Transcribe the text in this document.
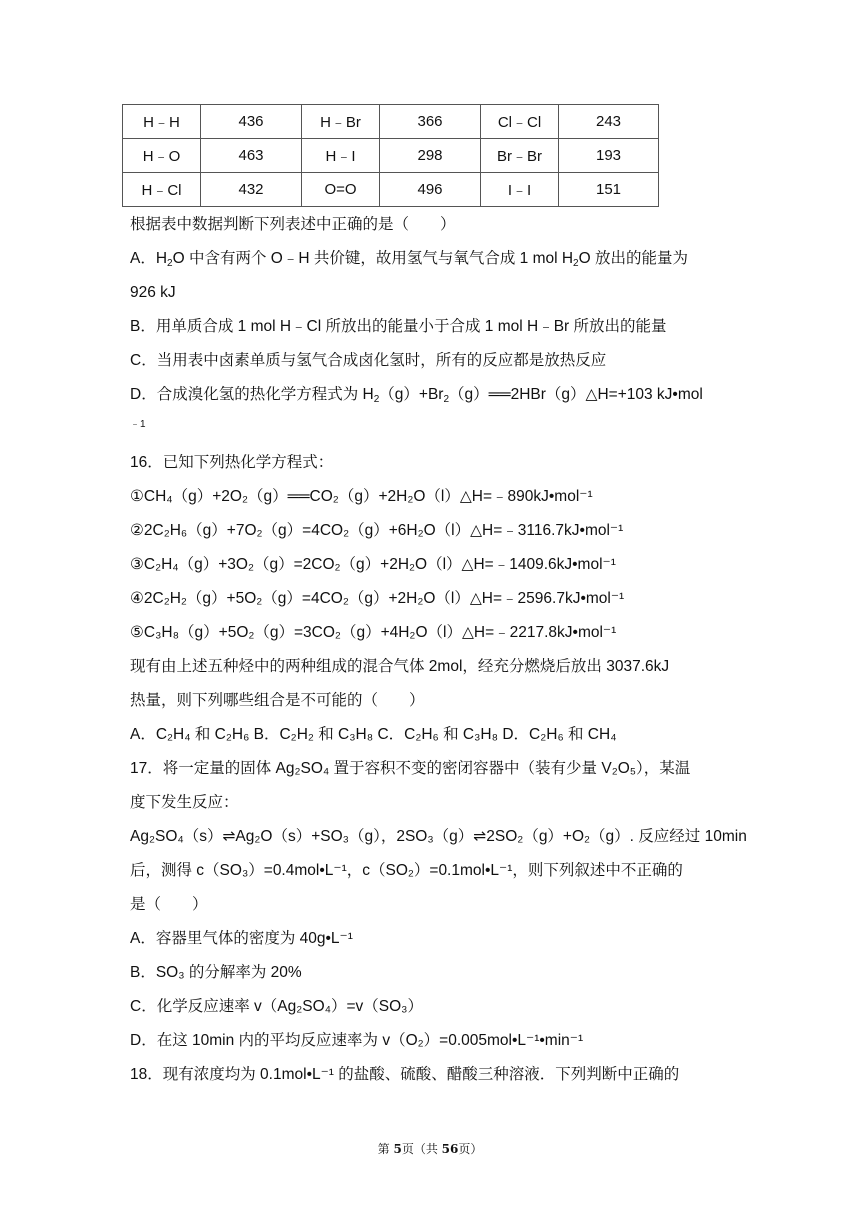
H﹣H	436	H﹣Br	366	Cl﹣Cl	243
H﹣O	463	H﹣I	298	Br﹣Br	193
H﹣Cl	432	O=O	496	I﹣I	151
根据表中数据判断下列表述中正确的是（　　）
A．$H_2O$ 中含有两个 O﹣H 共价键，故用氢气与氧气合成 1 mol $H_2O$ 放出的能量为
926 kJ
B．用单质合成 1 mol H﹣Cl 所放出的能量小于合成 1 mol H﹣Br 所放出的能量
C．当用表中卤素单质与氢气合成卤化氢时，所有的反应都是放热反应
D．合成溴化氢的热化学方程式为 $H_2(g)+Br_2(g)══2HBr(g)\triangle H=+103$ kJ•mol
﹣1
16．已知下列热化学方程式：
①CH₄（g）+2O₂（g）══CO₂（g）+2H₂O（l）△H=﹣890kJ•mol⁻¹
②2C₂H₆（g）+7O₂（g）=4CO₂（g）+6H₂O（l）△H=﹣3116.7kJ•mol⁻¹
③C₂H₄（g）+3O₂（g）=2CO₂（g）+2H₂O（l）△H=﹣1409.6kJ•mol⁻¹
④2C₂H₂（g）+5O₂（g）=4CO₂（g）+2H₂O（l）△H=﹣2596.7kJ•mol⁻¹
⑤C₃H₈（g）+5O₂（g）=3CO₂（g）+4H₂O（l）△H=﹣2217.8kJ•mol⁻¹
现有由上述五种烃中的两种组成的混合气体 2mol，经充分燃烧后放出 3037.6kJ
热量，则下列哪些组合是不可能的（　　）
A．C₂H₄ 和 C₂H₆ B．C₂H₂ 和 C₃H₈ C．C₂H₆ 和 C₃H₈ D．C₂H₆ 和 CH₄
17．将一定量的固体 Ag₂SO₄ 置于容积不变的密闭容器中（装有少量 V₂O₅），某温
度下发生反应：
Ag₂SO₄（s）⇌Ag₂O（s）+SO₃（g），2SO₃（g）⇌2SO₂（g）+O₂（g）. 反应经过 10min
后，测得 c（SO₃）=0.4mol•L⁻¹，c（SO₂）=0.1mol•L⁻¹，则下列叙述中不正确的
是（　　）
A．容器里气体的密度为 40g•L⁻¹
B．SO₃ 的分解率为 20%
C．化学反应速率 v（Ag₂SO₄）=v（SO₃）
D．在这 10min 内的平均反应速率为 v（O₂）=0.005mol•L⁻¹•min⁻¹
18．现有浓度均为 0.1mol•L⁻¹ 的盐酸、硫酸、醋酸三种溶液．下列判断中正确的
第 5页（共 56页）
